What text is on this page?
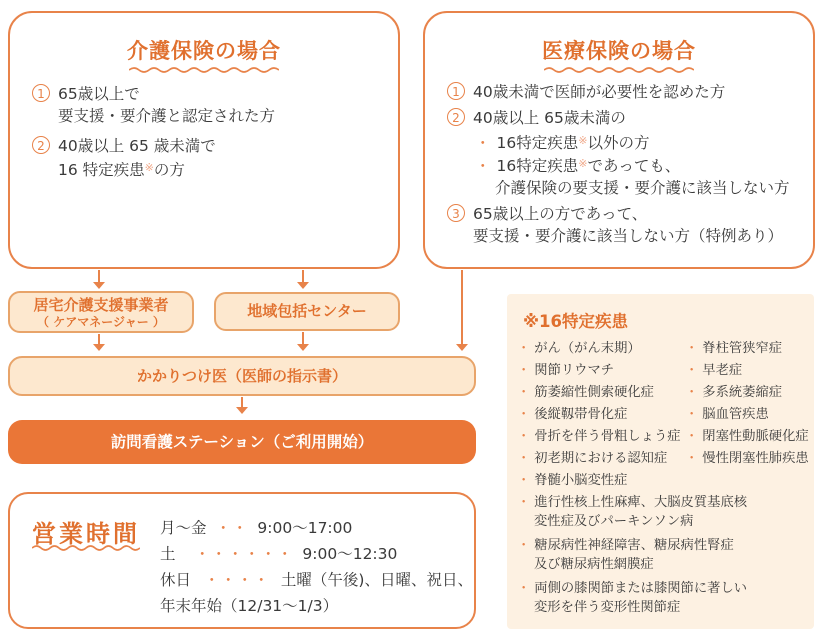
介護保険の場合
1 65歳以上で
要支援・要介護と認定された方
2 40歳以上 65 歳未満で
16 特定疾患※の方
医療保険の場合
1 40歳未満で医師が必要性を認めた方
2 40歳以上 65歳未満の
・ 16特定疾患※以外の方
・ 16特定疾患※であっても、
介護保険の要支援・要介護に該当しない方
3 65歳以上の方であって、
要支援・要介護に該当しない方（特例あり）
居宅介護支援事業者
（ ケアマネージャー ）
地域包括センター
かかりつけ医（医師の指示書）
訪問看護ステーション（ご利用開始）
営業時間 月～金 ・・ 9:00～17:00
土 ・・・・・・ 9:00～12:30
休日 ・・・・ 土曜（午後)、日曜、祝日、
年末年始（12/31～1/3）
※16特定疾患
・ がん（がん末期）
・ 関節リウマチ
・ 筋萎縮性側索硬化症
・ 後縦靱帯骨化症
・ 骨折を伴う骨粗しょう症
・ 初老期における認知症
・ 脊髄小脳変性症
・ 脊柱管狭窄症
・ 早老症
・ 多系統萎縮症
・ 脳血管疾患
・ 閉塞性動脈硬化症
・ 慢性閉塞性肺疾患
・ 進行性核上性麻痺、大脳皮質基底核
変性症及びパーキンソン病
・ 糖尿病性神経障害、糖尿病性腎症
及び糖尿病性網膜症
・ 両側の膝関節または膝関節に著しい
変形を伴う変形性関節症
